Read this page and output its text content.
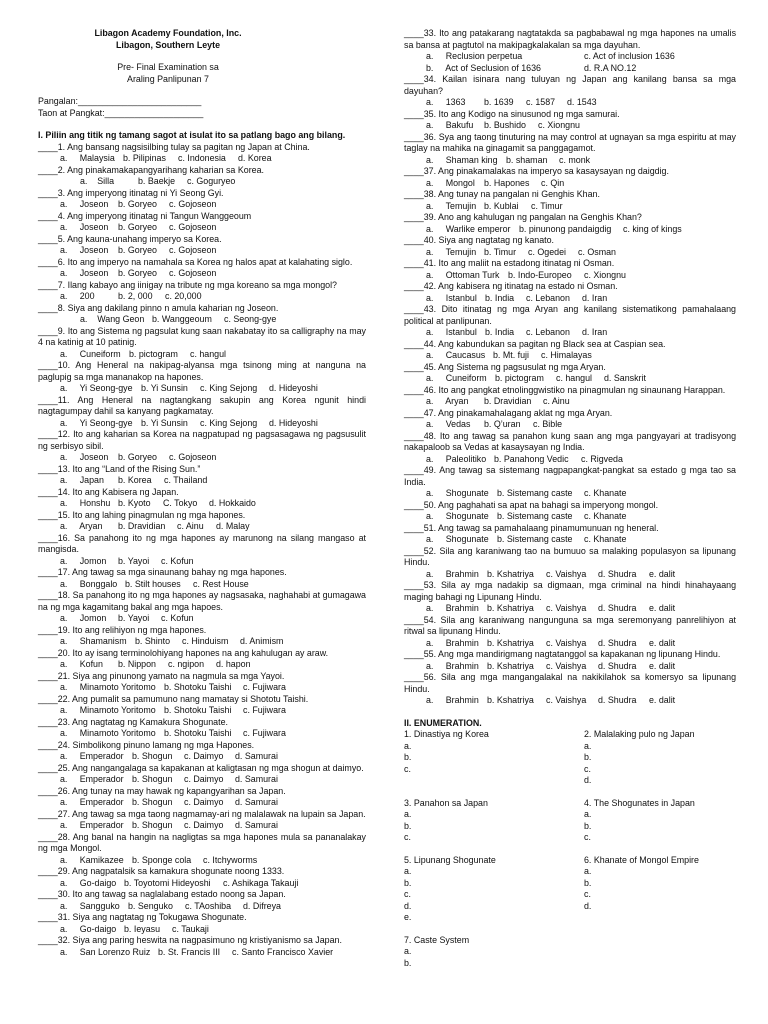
Libagon Academy Foundation, Inc.
Libagon, Southern Leyte
Pre- Final Examination sa
Araling Panlipunan 7
Pangalan:_________________________
Taon at Pangkat:____________________
I. Piliin ang titik ng tamang sagot at isulat ito sa patlang bago ang bilang.
____1. Ang bansang nagsisilbing tulay sa pagitan ng Japan at China.
a.     Malaysia b. Pilipinas c. Indonesia d. Korea
____2. Ang pinakamakapangyarihang kaharian sa Korea.
a.    Silla	b. Baekje c. Goguryeo
____3. Ang imperyong itinatag ni Yi Seong Gyi.
a.     Joseon b. Goryeo c. Gojoseon
____4. Ang imperyong itinatag ni Tangun Wanggeoum
a.     Joseon b. Goryeo c. Gojoseon
____5. Ang kauna-unahang imperyo sa Korea.
a.     Joseon b. Goryeo c. Gojoseon
____6. Ito ang imperyo na namahala sa Korea ng halos apat at kalahating siglo.
a.     Joseon b. Goryeo c. Gojoseon
____7. Ilang kabayo ang iinigay na tribute ng mga koreano sa mga mongol?
a.     200	b. 2, 000 c. 20,000
____8. Siya ang dakilang pinno n amula kaharian ng Joseon.
a.    Wang Geon b. Wanggeoum c. Seong-gye
____9. Ito ang Sistema ng pagsulat kung saan nakabatay ito sa calligraphy na may 4 na katinig at 10 patinig.
a.     Cuneiform b. pictogram c. hangul
____10. Ang Heneral na nakipag-alyansa mga tsinong ming at nanguna na paglupig sa mga mananakop na hapones.
a.     Yi Seong-gye b. Yi Sunsin c. King Sejong d. Hideyoshi
____11. Ang Heneral na nagtangkang sakupin ang Korea ngunit hindi nagtagumpay dahil sa kanyang pagkamatay.
a.     Yi Seong-gye b. Yi Sunsin c. King Sejong d. Hideyoshi
____12. Ito ang kaharian sa Korea na nagpatupad ng pagsasagawa ng pagsusulit ng serbisyo sibil.
a.     Joseon b. Goryeo c. Gojoseon
____13. Ito ang “Land of the Rising Sun.”
a.     Japan b. Korea c. Thailand
____14. Ito ang Kabisera ng Japan.
a.     Honshu b. Kyoto C. Tokyo d. Hokkaido
____15. Ito ang lahing pinagmulan ng mga hapones.
a.     Aryan b. Dravidian c. Ainu d. Malay
____16. Sa panahong ito ng mga hapones ay marunong na silang mangaso at mangisda.
a.     Jomon b. Yayoi c. Kofun
____17. Ang tawag sa mga sinaunang bahay ng mga hapones.
a.     Bonggalo b. Stilt houses c. Rest House
____18. Sa panahong ito ng mga hapones ay nagsasaka, naghahabi at gumagawa na ng mga kagamitang bakal ang mga hapoes.
a.     Jomon b. Yayoi c. Kofun
____19. Ito ang relihiyon ng mga hapones.
a.     Shamanism b. Shinto c. Hinduism d. Animism
____20. Ito ay isang terminolohiyang hapones na ang kahulugan ay araw.
a.     Kofun b. Nippon c. ngipon d. hapon
____21. Siya ang pinunong yamato na nagmula sa mga Yayoi.
a.     Minamoto Yoritomo b. Shotoku Taishi c. Fujiwara
____22. Ang pumalit sa pamumuno nang mamatay si Shototu Taishi.
a.     Minamoto Yoritomo b. Shotoku Taishi c. Fujiwara
____23. Ang nagtatag ng Kamakura Shogunate.
a.     Minamoto Yoritomo b. Shotoku Taishi c. Fujiwara
____24. Simbolikong pinuno lamang ng mga Hapones.
a.     Emperador b. Shogun c. Daimyo d. Samurai
____25. Ang nangangalaga sa kapakanan at kaligtasan ng mga shogun at daimyo.
a.     Emperador b. Shogun c. Daimyo d. Samurai
____26. Ang tunay na may hawak ng kapangyarihan sa Japan.
a.     Emperador b. Shogun c. Daimyo d. Samurai
____27. Ang tawag sa mga taong nagmamay-ari ng malalawak na lupain sa Japan.
a.     Emperador b. Shogun c. Daimyo d. Samurai
____28. Ang banal na hangin na nagligtas sa mga hapones mula sa pananalakay ng mga Mongol.
a.     Kamikazee b. Sponge cola c. Itchyworms
____29. Ang nagpatalsik sa kamakura shogunate noong 1333.
a.     Go-daigo b. Toyotomi Hideyoshi c. Ashikaga Takauji
____30. Ito ang tawag sa naglalabang estado noong sa Japan.
a.     Sanggukо b. Senguko c. TAoshiba d. Difreya
____31. Siya ang nagtatag ng Tokugawa Shogunate.
a.     Go-daigo b. Ieyasu c. Taukaji
____32. Siya ang paring heswita na nagpasimuno ng kristiyanismo sa Japan.
a.     San Lorenzo Ruiz b. St. Francis III c. Santo Francisco Xavier
____33. Ito ang patakarang nagtatakda sa pagbabawal ng mga hapones na umalis sa bansa at pagtutol na makipagkalakalan sa mga dayuhan.
a.     Reclusion perpetua	c. Act of inclusion 1636
b.     Act of Seclusion of 1636	d. R.A NO.12
____34. Kailan isinara nang tuluyan ng Japan ang kanilang bansa sa mga dayuhan?
a.     1363 b. 1639 c. 1587 d. 1543
____35. Ito ang Kodigo na sinusunod ng mga samurai.
a.     Bakufu b. Bushido c. Xiongnu
____36. Sya ang taong tinuturing na may control at ugnayan sa mga espiritu at may taglay na mahika na ginagamit sa panggagamot.
a.     Shaman king b. shaman c. monk
____37. Ang pinakamalakas na imperyo sa kasaysayan ng daigdig.
a.     Mongol b. Hapones c. Qin
____38. Ang tunay na pangalan ni Genghis Khan.
a.     Temujin b. Kublai c. Timur
____39. Ano ang kahulugan ng pangalan na Genghis Khan?
a.     Warlike emperor b. pinunong pandaigdig c. king of kings
____40. Siya ang nagtatag ng kanato.
a.     Temujin b. Timur c. Ogedei c. Osman
____41. Ito ang maliit na estadong itinatag ni Osman.
a.     Ottoman Turk b. Indo-Europeo c. Xiongnu
____42. Ang kabisera ng itinatag na estado ni Osman.
a.     Istanbul b. India c. Lebanon d. Iran
____43. Dito itinatag ng mga Aryan ang kanilang sistematikong pamahalaang political at panlipunan.
a.     Istanbul b. India c. Lebanon d. Iran
____44. Ang kabundukan sa pagitan ng Black sea at Caspian sea.
a.     Caucasus b. Mt. fuji c. Himalayas
____45. Ang Sistema ng pagsusulat ng mga Aryan.
a.     Cuneiform b. pictogram c. hangul d. Sanskrit
____46. Ito ang pangkat etnolinggwistiko na pinagmulan ng sinaunang Harappan.
a.     Aryan b. Dravidian c. Ainu
____47. Ang pinakamahalagang aklat ng mga Aryan.
a.     Vedas b. Q’uran c. Bible
____48. Ito ang tawag sa panahon kung saan ang mga pangyayari at tradisyong nakapaloob sa Vedas at kasaysayan ng India.
a.     Paleolitiko b. Panahong Vedic c. Rigveda
____49. Ang tawag sa sistemang nagpapangkat-pangkat sa estado g mga tao sa India.
a.     Shogunate b. Sistemang caste c. Khanate
____50. Ang paghahati sa apat na bahagi sa imperyong mongol.
a.     Shogunate b. Sistemang caste c. Khanate
____51. Ang tawag sa pamahalaang pinamumunuan ng heneral.
a.     Shogunate b. Sistemang caste c. Khanate
____52. Sila ang karaniwang tao na bumuuo sa malaking populasyon sa lipunang Hindu.
a.     Brahmin b. Kshatriya c. Vaishya d. Shudra e. dalit
____53. Sila ay mga nadakip sa digmaan, mga criminal na hindi hinahayaang maging bahagi ng Lipunang Hindu.
a.     Brahmin b. Kshatriya c. Vaishya d. Shudra e. dalit
____54. Sila ang karaniwang nangunguna sa mga seremonyang panrelihiyon at ritwal sa lipunang Hindu.
a.     Brahmin b. Kshatriya c. Vaishya d. Shudra e. dalit
____55. Ang mga mandirigmang nagtatanggol sa kapakanan ng lipunang Hindu.
a.     Brahmin b. Kshatriya c. Vaishya d. Shudra e. dalit
____56. Sila ang mga mangangalakal na nakikilahok sa komersyo sa lipunang Hindu.
a.     Brahmin b. Kshatriya c. Vaishya d. Shudra e. dalit
II. ENUMERATION.
1. Dinastiya ng Korea
a.
b.
c.
2. Malalaking pulo ng Japan
a.
b.
c.
d.
3. Panahon sa Japan
a.
b.
c.
4. The Shogunates in Japan
a.
b.
c.
5. Lipunang Shogunate
a.
b.
c.
d.
e.
6. Khanate of Mongol Empire
a.
b.
c.
d.
7. Caste System
a.
b.
